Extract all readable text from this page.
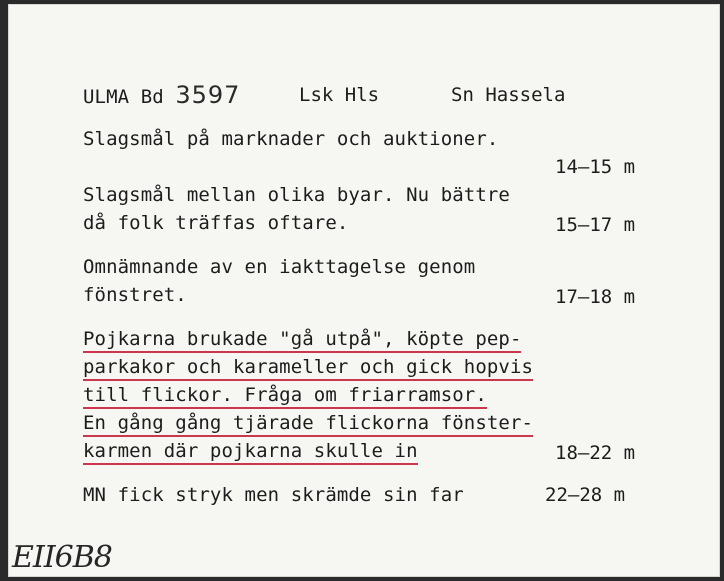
ULMA Bd 3597	Lsk Hls	Sn Hassela
Slagsmål på marknader och auktioner.
14–15 m
Slagsmål mellan olika byar. Nu bättre
då folk träffas oftare.	15–17 m
Omnämnande av en iakttagelse genom
fönstret.	17–18 m
Pojkarna brukade "gå utpå", köpte pep-
parkakor och karameller och gick hopvis
till flickor. Fråga om friarramsor.
En gång gång tjärade flickorna fönster-
karmen där pojkarna skulle in	18–22 m
MN fick stryk men skrämde sin far	22–28 m
EII6B8
